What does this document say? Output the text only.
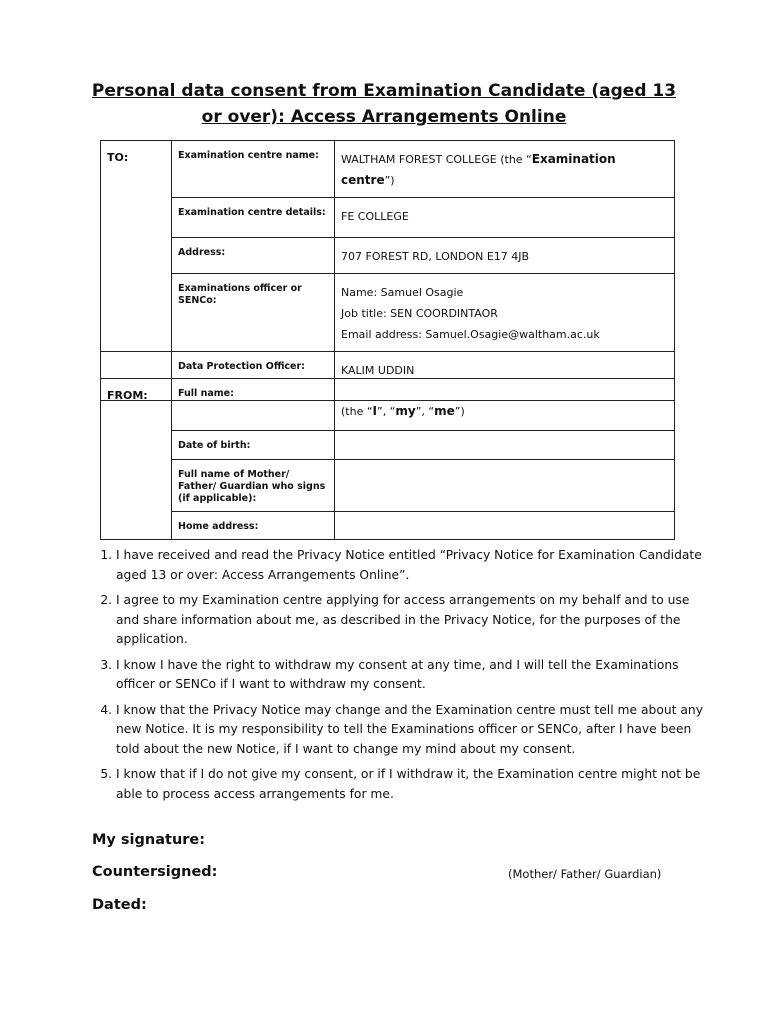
Personal data consent from Examination Candidate (aged 13 or over): Access Arrangements Online
TO:	Examination centre name:	WALTHAM FOREST COLLEGE (the “Examination centre”)
	Examination centre details:	FE COLLEGE
	Address:	707 FOREST RD, LONDON E17 4JB
	Examinations officer or SENCo:	Name: Samuel Osagie
Job title: SEN COORDINTAOR
Email address: Samuel.Osagie@waltham.ac.uk

	Data Protection Officer:	KALIM UDDIN
FROM:	Full name:	(the “I”, “my”, “me”)

	Date of birth:	
	Full name of Mother/ Father/ Guardian who signs (if applicable):	
	Home address:	
1. I have received and read the Privacy Notice entitled “Privacy Notice for Examination Candidate aged 13 or over: Access Arrangements Online”.
2. I agree to my Examination centre applying for access arrangements on my behalf and to use and share information about me, as described in the Privacy Notice, for the purposes of the application.
3. I know I have the right to withdraw my consent at any time, and I will tell the Examinations officer or SENCo if I want to withdraw my consent.
4. I know that the Privacy Notice may change and the Examination centre must tell me about any new Notice. It is my responsibility to tell the Examinations officer or SENCo, after I have been told about the new Notice, if I want to change my mind about my consent.
5. I know that if I do not give my consent, or if I withdraw it, the Examination centre might not be able to process access arrangements for me.
My signature:
Countersigned:	(Mother/ Father/ Guardian)
Dated:
